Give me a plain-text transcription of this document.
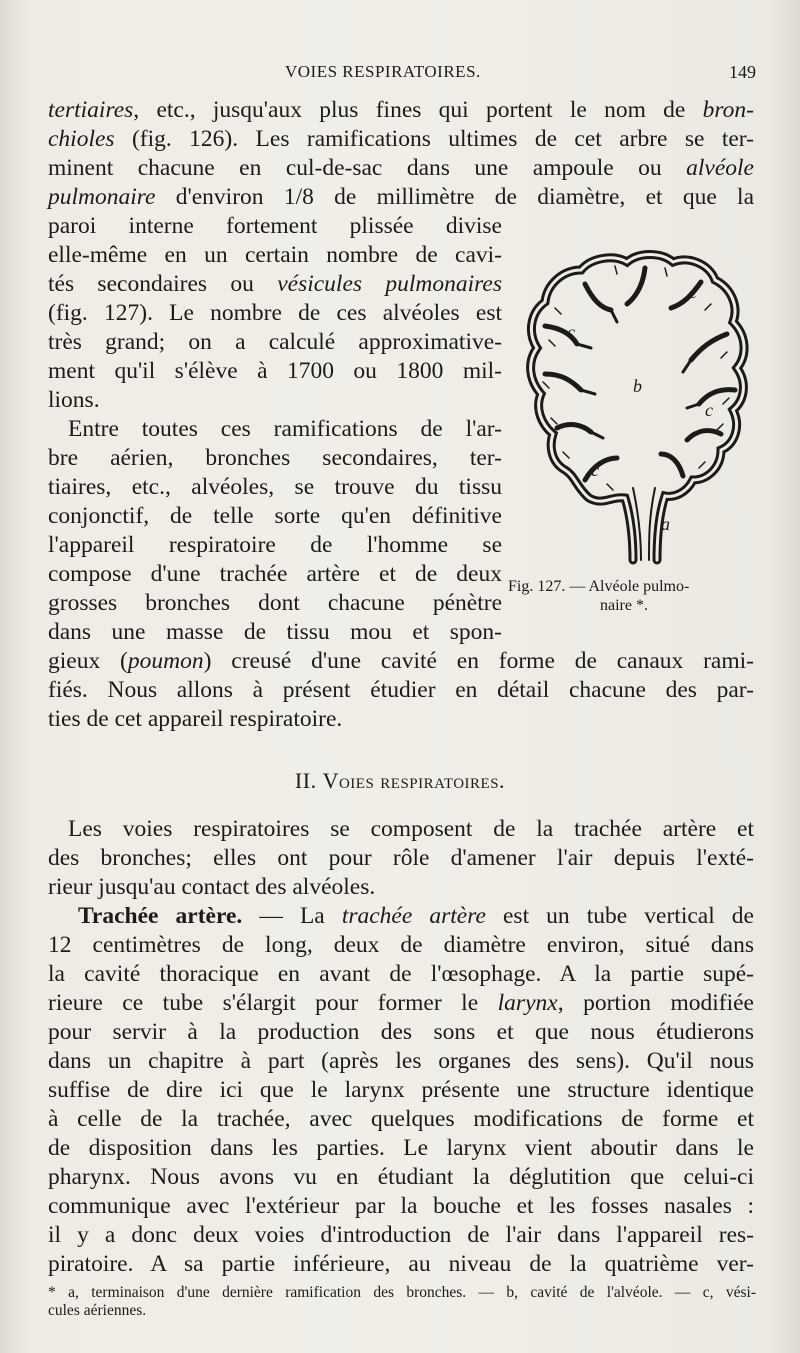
VOIES RESPIRATOIRES.	149
tertiaires, etc., jusqu'aux plus fines qui portent le nom de bron-
chioles (fig. 126). Les ramifications ultimes de cet arbre se ter-
minent chacune en cul-de-sac dans une ampoule ou alvéole
pulmonaire d'environ 1/8 de millimètre de diamètre, et que la
paroi interne fortement plissée divise
elle-même en un certain nombre de cavi-
tés secondaires ou vésicules pulmonaires
(fig. 127). Le nombre de ces alvéoles est
très grand; on a calculé approximative-
ment qu'il s'élève à 1700 ou 1800 mil-
lions.
Entre toutes ces ramifications de l'ar-
bre aérien, bronches secondaires, ter-
tiaires, etc., alvéoles, se trouve du tissu
conjonctif, de telle sorte qu'en définitive
l'appareil respiratoire de l'homme se
compose d'une trachée artère et de deux
grosses bronches dont chacune pénètre
dans une masse de tissu mou et spon-
gieux (poumon) creusé d'une cavité en forme de canaux rami-
fiés. Nous allons à présent étudier en détail chacune des par-
ties de cet appareil respiratoire.
c
c
b
c
c
a
Fig. 127. — Alvéole pulmo-
naire *.
II. Voies respiratoires.
Les voies respiratoires se composent de la trachée artère et
des bronches; elles ont pour rôle d'amener l'air depuis l'exté-
rieur jusqu'au contact des alvéoles.
Trachée artère. — La trachée artère est un tube vertical de
12 centimètres de long, deux de diamètre environ, situé dans
la cavité thoracique en avant de l'œsophage. A la partie supé-
rieure ce tube s'élargit pour former le larynx, portion modifiée
pour servir à la production des sons et que nous étudierons
dans un chapitre à part (après les organes des sens). Qu'il nous
suffise de dire ici que le larynx présente une structure identique
à celle de la trachée, avec quelques modifications de forme et
de disposition dans les parties. Le larynx vient aboutir dans le
pharynx. Nous avons vu en étudiant la déglutition que celui-ci
communique avec l'extérieur par la bouche et les fosses nasales :
il y a donc deux voies d'introduction de l'air dans l'appareil res-
piratoire. A sa partie inférieure, au niveau de la quatrième ver-
* a, terminaison d'une dernière ramification des bronches. — b, cavité de l'alvéole. — c, vési-
cules aériennes.
